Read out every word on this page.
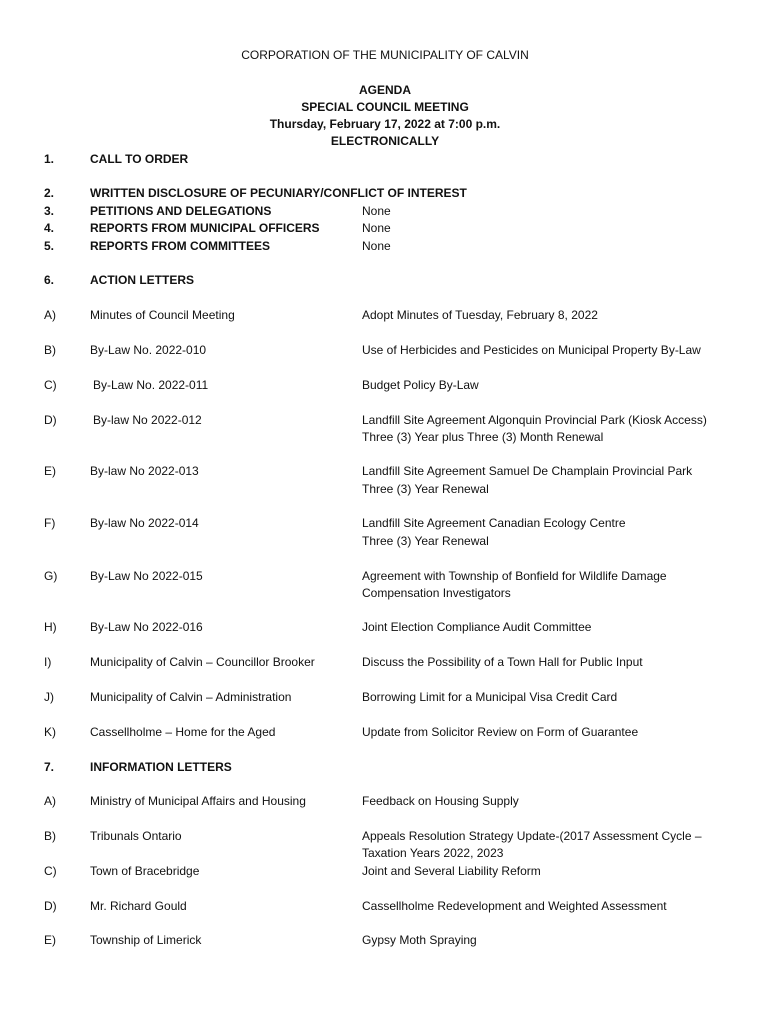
CORPORATION OF THE MUNICIPALITY OF CALVIN
AGENDA
SPECIAL COUNCIL MEETING
Thursday, February 17, 2022 at 7:00 p.m.
ELECTRONICALLY
1.	CALL TO ORDER
2.	WRITTEN DISCLOSURE OF PECUNIARY/CONFLICT OF INTEREST
3.	PETITIONS AND DELEGATIONS	None
4.	REPORTS FROM MUNICIPAL OFFICERS	None
5.	REPORTS FROM COMMITTEES	None
6.	ACTION LETTERS
A)	Minutes of Council Meeting	Adopt Minutes of Tuesday, February 8, 2022
B)	By-Law No. 2022-010	Use of Herbicides and Pesticides on Municipal Property By-Law
C)	By-Law No. 2022-011	Budget Policy By-Law
D)	By-law No 2022-012	Landfill Site Agreement Algonquin Provincial Park (Kiosk Access)
Three (3) Year plus Three (3) Month Renewal
E)	By-law No 2022-013	Landfill Site Agreement Samuel De Champlain Provincial Park
Three (3) Year Renewal
F)	By-law No 2022-014	Landfill Site Agreement Canadian Ecology Centre
Three (3) Year Renewal
G)	By-Law No 2022-015	Agreement with Township of Bonfield for Wildlife Damage
Compensation Investigators
H)	By-Law No 2022-016	Joint Election Compliance Audit Committee
I)	Municipality of Calvin – Councillor Brooker	Discuss the Possibility of a Town Hall for Public Input
J)	Municipality of Calvin – Administration	Borrowing Limit for a Municipal Visa Credit Card
K)	Cassellholme – Home for the Aged	Update from Solicitor Review on Form of Guarantee
7.	INFORMATION LETTERS
A)	Ministry of Municipal Affairs and Housing	Feedback on Housing Supply
B)	Tribunals Ontario	Appeals Resolution Strategy Update-(2017 Assessment Cycle –
Taxation Years 2022, 2023
C)	Town of Bracebridge	Joint and Several Liability Reform
D)	Mr. Richard Gould	Cassellholme Redevelopment and Weighted Assessment
E)	Township of Limerick	Gypsy Moth Spraying
